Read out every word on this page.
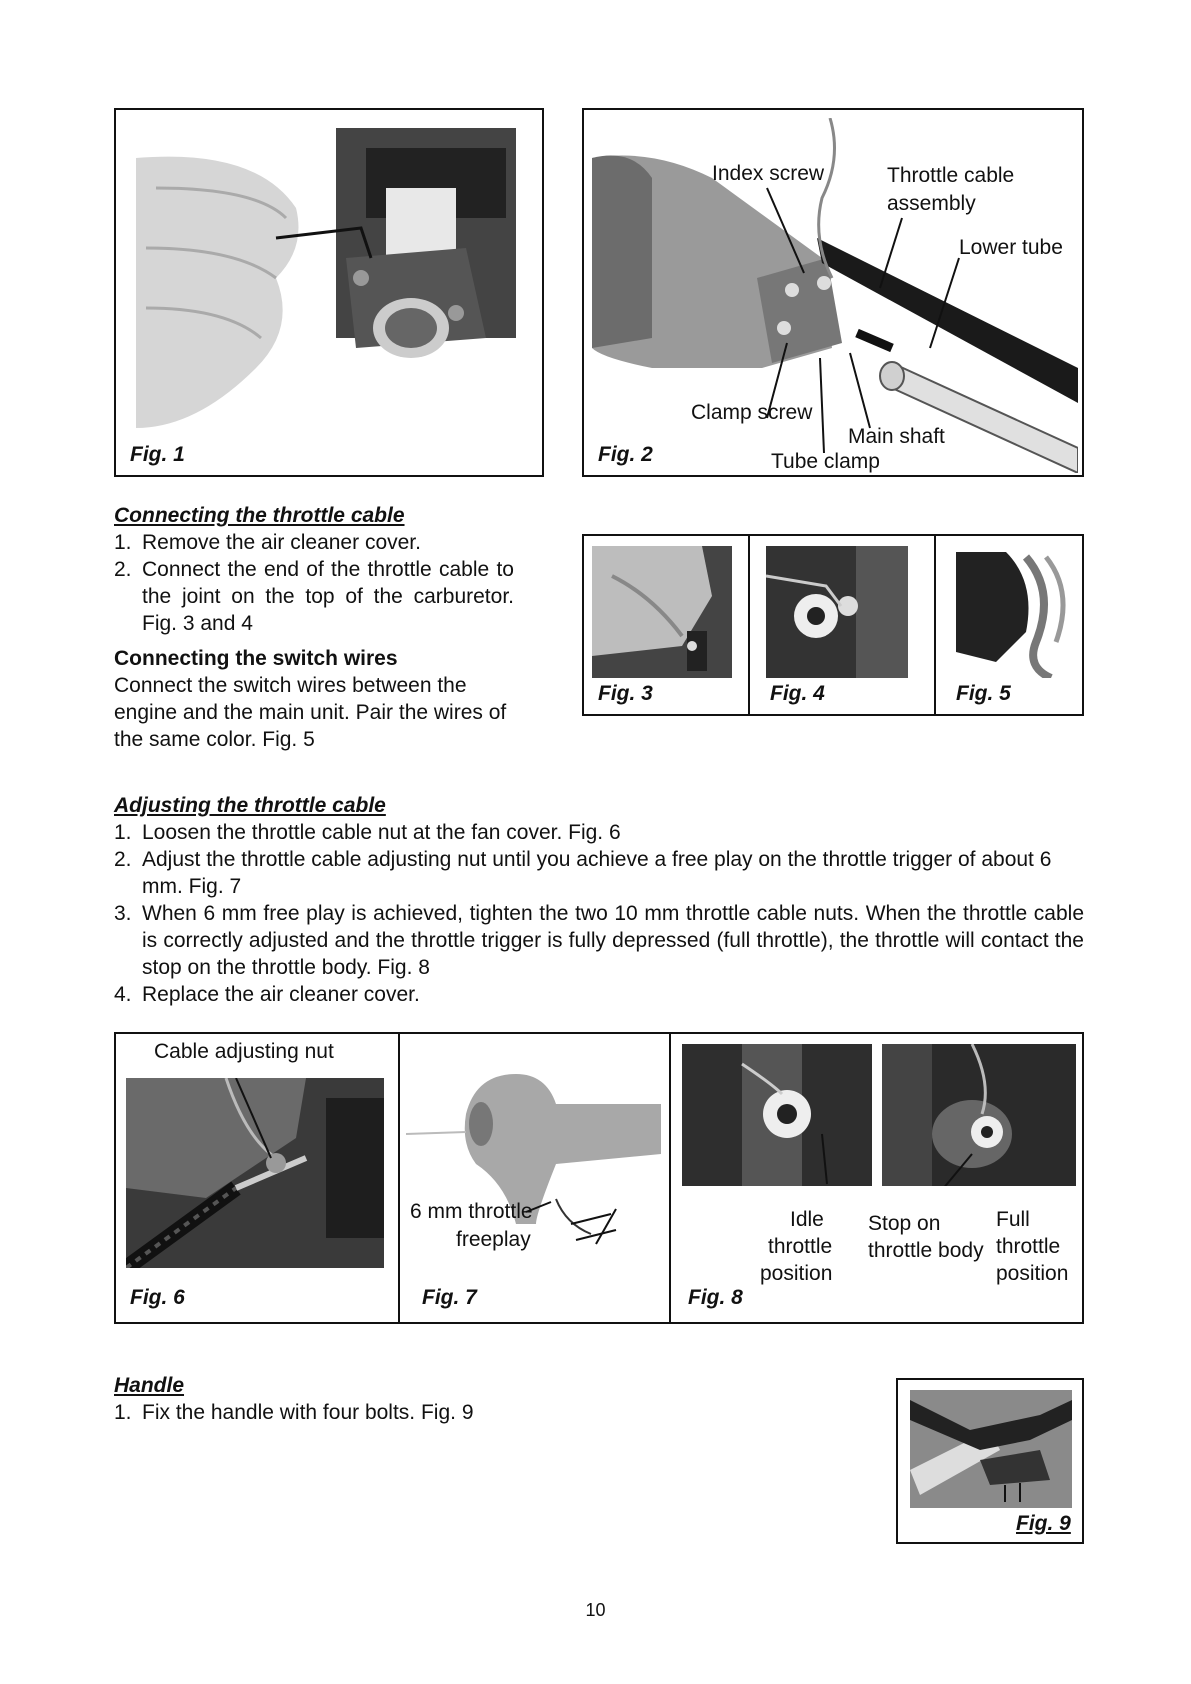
Fig. 1
Index screw	Throttle cable
assembly
Lower tube
Clamp screw
Main shaft
Tube clamp
Fig. 2
Connecting the throttle cable
1. Remove the air cleaner cover.
2. Connect the end of the throttle cable to the joint on the top of the carburetor. Fig. 3 and 4
Connecting the switch wires
Connect the switch wires between the engine and the main unit. Pair the wires of the same color. Fig. 5
Fig. 3	Fig. 4	Fig. 5
Adjusting the throttle cable
1. Loosen the throttle cable nut at the fan cover. Fig. 6
2. Adjust the throttle cable adjusting nut until you achieve a free play on the throttle trigger of about 6 mm. Fig. 7
3. When 6 mm free play is achieved, tighten the two 10 mm throttle cable nuts. When the throttle cable is correctly adjusted and the throttle trigger is fully depressed (full throttle), the throttle will contact the stop on the throttle body. Fig. 8
4. Replace the air cleaner cover.
Cable adjusting nut
Fig. 6
6 mm throttle
freeplay
Fig. 7
Idle
throttle
position
Stop on
throttle body
Full
throttle
position
Fig. 8
Handle
1. Fix the handle with four bolts. Fig. 9
Fig. 9
10
